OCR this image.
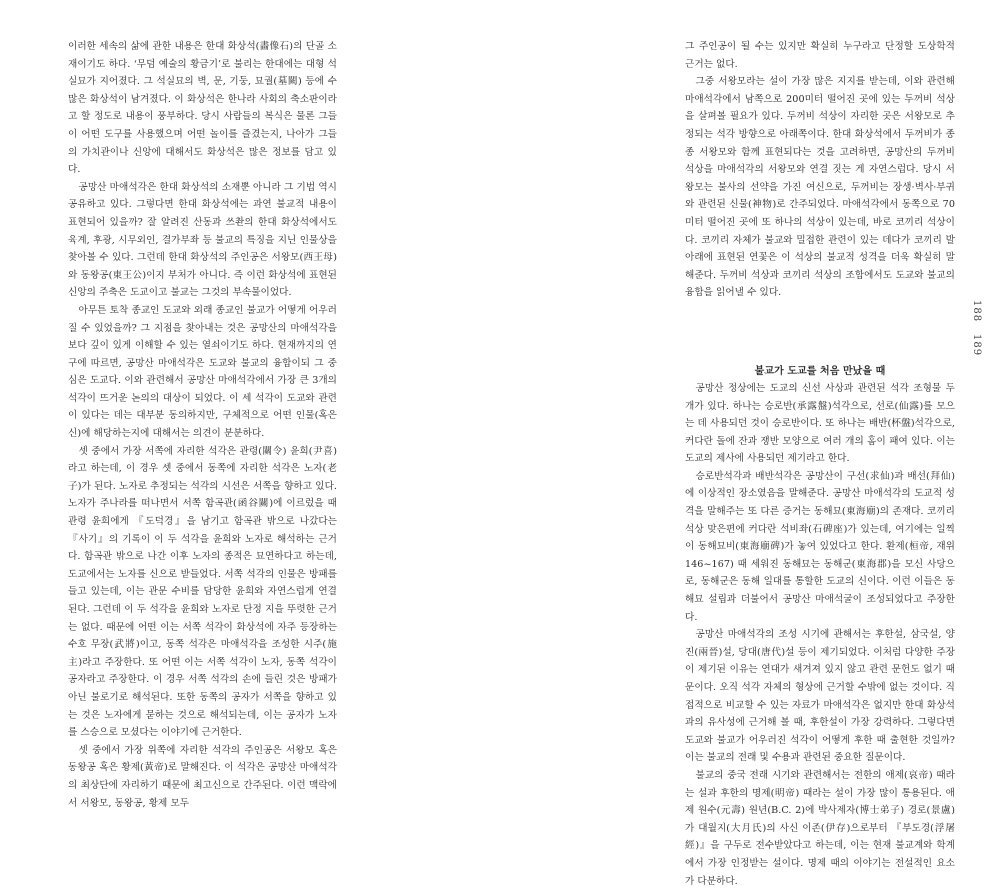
이러한 세속의 삶에 관한 내용은 한대 화상석(畵像石)의 단골 소재이기도 하다. ‘무덤 예술의 황금기’로 불리는 한대에는 대형 석실묘가 지어졌다. 그 석실묘의 벽, 문, 기둥, 묘궐(墓闕) 등에 수많은 화상석이 남겨졌다. 이 화상석은 한나라 사회의 축소판이라고 할 정도로 내용이 풍부하다. 당시 사람들의 복식은 물론 그들이 어떤 도구를 사용했으며 어떤 놀이를 즐겼는지, 나아가 그들의 가치관이나 신앙에 대해서도 화상석은 많은 정보를 담고 있다.

공망산 마애석각은 한대 화상석의 소재뿐 아니라 그 기법 역시 공유하고 있다. 그렇다면 한대 화상석에는 과연 불교적 내용이 표현되어 있을까? 잘 알려진 산동과 쓰촨의 한대 화상석에서도 육계, 후광, 시무외인, 결가부좌 등 불교의 특징을 지닌 인물상을 찾아볼 수 있다. 그런데 한대 화상석의 주인공은 서왕모(西王母)와 동왕공(東王公)이지 부처가 아니다. 즉 이런 화상석에 표현된 신앙의 주축은 도교이고 불교는 그것의 부속물이었다.

아무튼 토착 종교인 도교와 외래 종교인 불교가 어떻게 어우러질 수 있었을까? 그 지점을 찾아내는 것은 공망산의 마애석각을 보다 깊이 있게 이해할 수 있는 열쇠이기도 하다. 현재까지의 연구에 따르면, 공망산 마애석각은 도교와 불교의 융합이되 그 중심은 도교다. 이와 관련해서 공망산 마애석각에서 가장 큰 3개의 석각이 뜨거운 논의의 대상이 되었다. 이 세 석각이 도교와 관련이 있다는 데는 대부분 동의하지만, 구체적으로 어떤 인물(혹은 신)에 해당하는지에 대해서는 의견이 분분하다.

셋 중에서 가장 서쪽에 자리한 석각은 관령(關令) 윤희(尹喜)라고 하는데, 이 경우 셋 중에서 동쪽에 자리한 석각은 노자(老子)가 된다. 노자로 추정되는 석각의 시선은 서쪽을 향하고 있다. 노자가 주나라를 떠나면서 서쪽 함곡관(函谷關)에 이르렀을 때 관령 윤희에게 『도덕경』을 남기고 함곡관 밖으로 나갔다는 『사기』의 기록이 이 두 석각을 윤희와 노자로 해석하는 근거다. 함곡관 밖으로 나간 이후 노자의 종적은 묘연하다고 하는데, 도교에서는 노자를 신으로 받들었다. 서쪽 석각의 인물은 방패를 들고 있는데, 이는 관문 수비를 담당한 윤희와 자연스럽게 연결된다. 그런데 이 두 석각을 윤희와 노자로 단정 지을 뚜렷한 근거는 없다. 때문에 어떤 이는 서쪽 석각이 화상석에 자주 등장하는 수호 무장(武將)이고, 동쪽 석각은 마애석각을 조성한 시주(施主)라고 주장한다. 또 어떤 이는 서쪽 석각이 노자, 동쪽 석각이 공자라고 주장한다. 이 경우 서쪽 석각의 손에 들린 것은 방패가 아닌 불로기로 해석된다. 또한 동쪽의 공자가 서쪽을 향하고 있는 것은 노자에게 묻하는 것으로 해석되는데, 이는 공자가 노자를 스승으로 모셨다는 이야기에 근거한다.

셋 중에서 가장 위쪽에 자리한 석각의 주인공은 서왕모 혹은 동왕공 혹은 황제(黃帝)로 말해진다. 이 석각은 공망산 마애석각의 최상단에 자리하기 때문에 최고신으로 간주된다. 이런 맥락에서 서왕모, 동왕공, 황제 모두

그 주인공이 될 수는 있지만 확실히 누구라고 단정할 도상학적 근거는 없다.

그중 서왕모라는 설이 가장 많은 지지를 받는데, 이와 관련해 마애석각에서 남쪽으로 200미터 떨어진 곳에 있는 두꺼비 석상을 살펴볼 필요가 있다. 두꺼비 석상이 자리한 곳은 서왕모로 추정되는 석각 방향으로 아래쪽이다. 한대 화상석에서 두꺼비가 종종 서왕모와 함께 표현되다는 것을 고려하면, 공망산의 두꺼비 석상을 마애석각의 서왕모와 연결 짓는 게 자연스럽다. 당시 서왕모는 불사의 선약을 가진 여신으로, 두꺼비는 장생·벽사·부귀와 관련된 신물(神物)로 간주되었다. 마애석각에서 동쪽으로 70미터 떨어진 곳에 또 하나의 석상이 있는데, 바로 코끼리 석상이다. 코끼리 자체가 불교와 밀접한 관련이 있는 데다가 코끼리 발아래에 표현된 연꽃은 이 석상의 불교적 성격을 더욱 확실히 말해준다. 두꺼비 석상과 코끼리 석상의 조합에서도 도교와 불교의 융합을 읽어낼 수 있다.

불교가 도교를 처음 만났을 때

공망산 정상에는 도교의 신선 사상과 관련된 석각 조형물 두 개가 있다. 하나는 승로반(承露盤)석각으로, 선로(仙露)를 모으는 데 사용되던 것이 승로반이다. 또 하나는 배반(杯盤)석각으로, 커다란 돌에 잔과 쟁반 모양으로 여러 개의 홈이 패여 있다. 이는 도교의 제사에 사용되던 제기라고 한다.

승로반석각과 배반석각은 공망산이 구선(求仙)과 배선(拜仙)에 이상적인 장소였음을 말해준다. 공망산 마애석각의 도교적 성격을 말해주는 또 다른 증거는 동해묘(東海廟)의 존재다. 코끼리 석상 맞은편에 커다란 석비좌(石碑座)가 있는데, 여기에는 일찍이 동해묘비(東海廟碑)가 놓여 있었다고 한다. 환제(桓帝, 재위 146~167) 때 세워진 동해묘는 동해군(東海郡)을 모신 사당으로, 동해군은 동해 일대를 통할한 도교의 신이다. 이런 이들은 동해묘 설립과 더불어서 공망산 마애석굴이 조성되었다고 주장한다.

공망산 마애석각의 조성 시기에 관해서는 후한설, 삼국설, 양진(兩晉)설, 당대(唐代)설 등이 제기되었다. 이처럼 다양한 주장이 제기된 이유는 연대가 새겨져 있지 않고 관련 문헌도 없기 때문이다. 오직 석각 자체의 형상에 근거할 수밖에 없는 것이다. 직접적으로 비교할 수 있는 자료가 마애석각은 없지만 한대 화상석과의 유사성에 근거해 볼 때, 후한설이 가장 강력하다. 그렇다면 도교와 불교가 어우러진 석각이 어떻게 후한 때 출현한 것일까? 이는 불교의 전래 및 수용과 관련된 중요한 질문이다.

불교의 중국 전래 시기와 관련해서는 전한의 애제(哀帝) 때라는 설과 후한의 명제(明帝) 때라는 설이 가장 많이 통용된다. 애제 원수(元壽) 원년(B.C. 2)에 박사제자(博士弟子) 경로(景盧)가 대월지(大月氏)의 사신 이존(伊存)으로부터 『부도경(浮屠經)』을 구두로 전수받았다고 하는데, 이는 현재 불교계와 학계에서 가장 인정받는 설이다. 명제 때의 이야기는 전설적인 요소가 다분하다.

188189
